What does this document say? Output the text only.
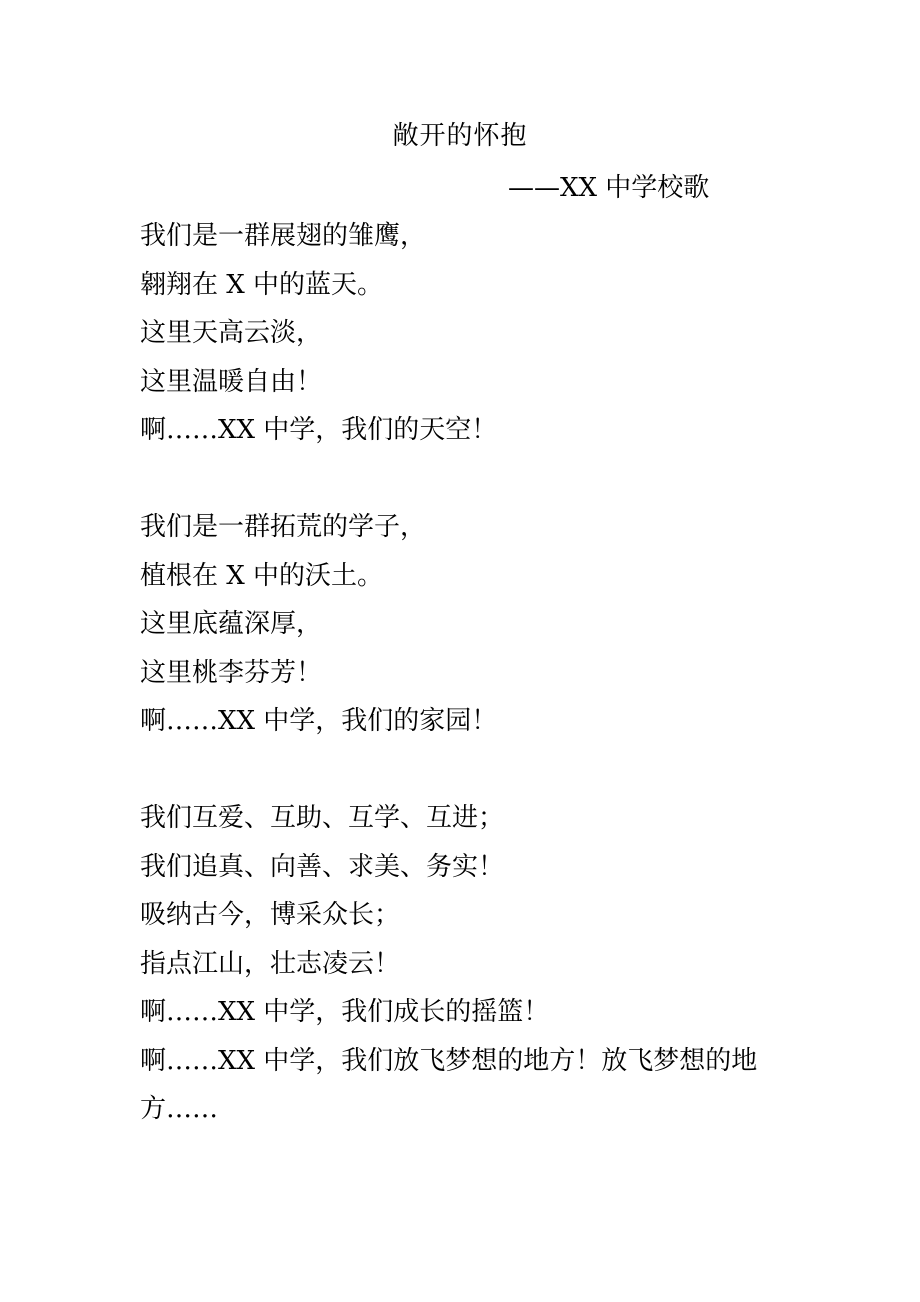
敞开的怀抱
——XX 中学校歌
我们是一群展翅的雏鹰，
翱翔在 X 中的蓝天。
这里天高云淡，
这里温暖自由！
啊……XX 中学，我们的天空！
我们是一群拓荒的学子，
植根在 X 中的沃土。
这里底蕴深厚，
这里桃李芬芳！
啊……XX 中学，我们的家园！
我们互爱、互助、互学、互进；
我们追真、向善、求美、务实！
吸纳古今，博采众长；
指点江山，壮志凌云！
啊……XX 中学，我们成长的摇篮！
啊……XX 中学，我们放飞梦想的地方！放飞梦想的地
方……
